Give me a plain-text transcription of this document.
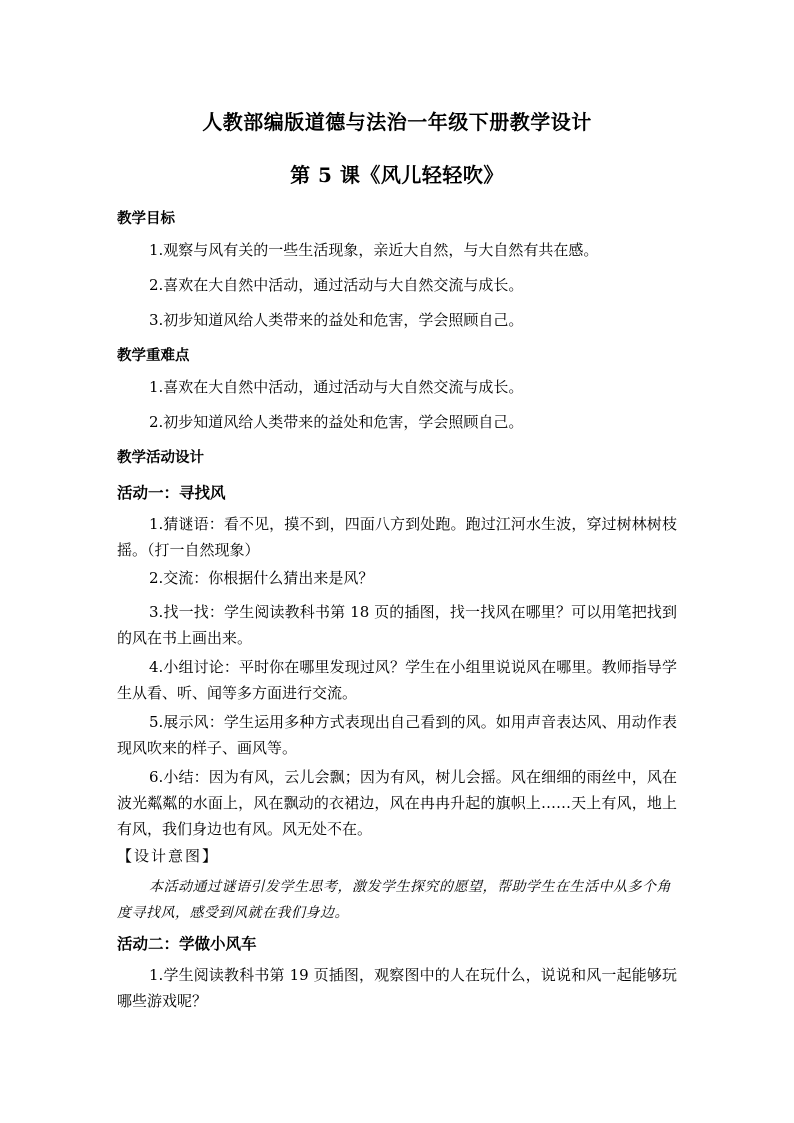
人教部编版道德与法治一年级下册教学设计
第 5 课《风儿轻轻吹》
教学目标
1.观察与风有关的一些生活现象，亲近大自然，与大自然有共在感。
2.喜欢在大自然中活动，通过活动与大自然交流与成长。
3.初步知道风给人类带来的益处和危害，学会照顾自己。
教学重难点
1.喜欢在大自然中活动，通过活动与大自然交流与成长。
2.初步知道风给人类带来的益处和危害，学会照顾自己。
教学活动设计
活动一：寻找风
1.猜谜语：看不见，摸不到，四面八方到处跑。跑过江河水生波，穿过树林树枝摇。（打一自然现象）
2.交流：你根据什么猜出来是风？
3.找一找：学生阅读教科书第 18 页的插图，找一找风在哪里？可以用笔把找到的风在书上画出来。
4.小组讨论：平时你在哪里发现过风？学生在小组里说说风在哪里。教师指导学生从看、听、闻等多方面进行交流。
5.展示风：学生运用多种方式表现出自己看到的风。如用声音表达风、用动作表现风吹来的样子、画风等。
6.小结：因为有风，云儿会飘；因为有风，树儿会摇。风在细细的雨丝中，风在波光粼粼的水面上，风在飘动的衣裙边，风在冉冉升起的旗帜上……天上有风，地上有风，我们身边也有风。风无处不在。
【设计意图】
本活动通过谜语引发学生思考，激发学生探究的愿望，帮助学生在生活中从多个角度寻找风，感受到风就在我们身边。
活动二：学做小风车
1.学生阅读教科书第 19 页插图，观察图中的人在玩什么，说说和风一起能够玩哪些游戏呢？
